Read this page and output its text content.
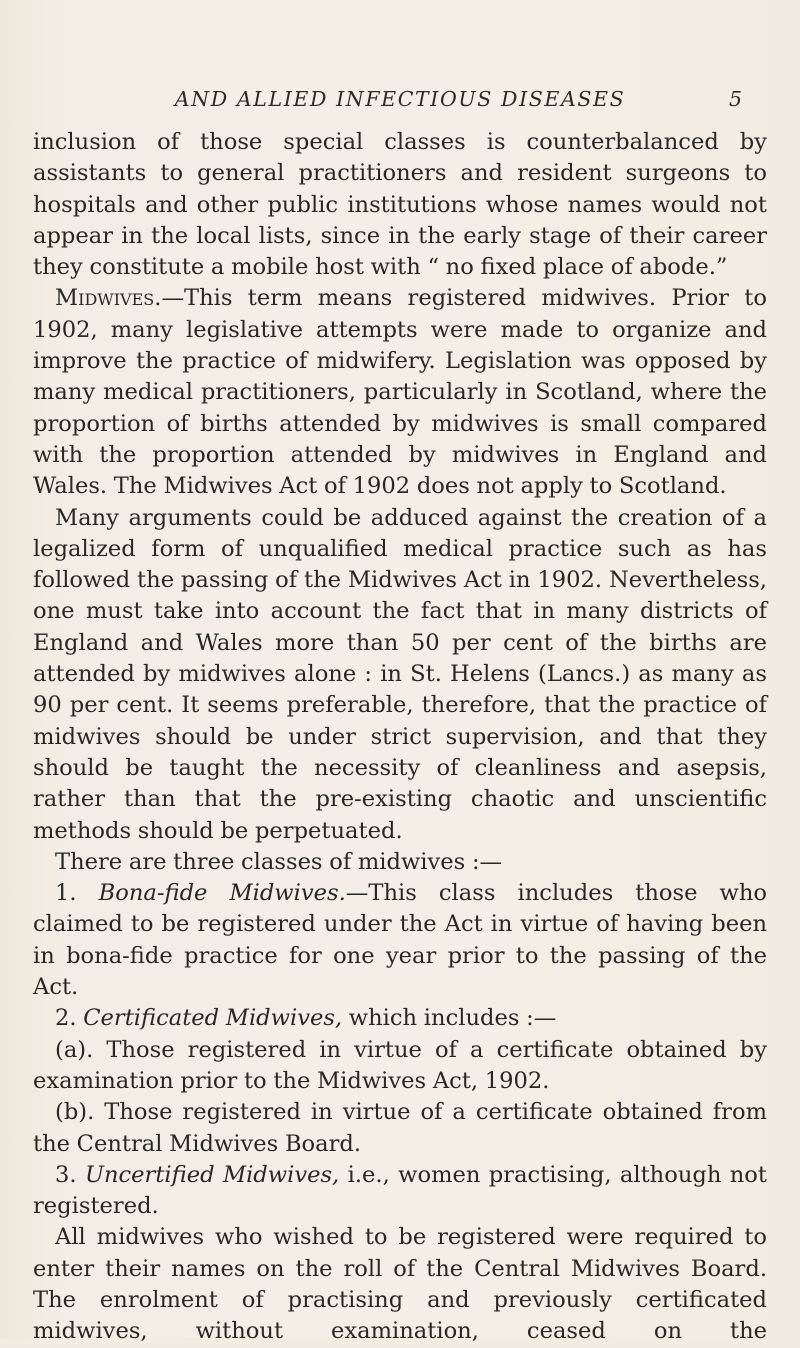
AND ALLIED INFECTIOUS DISEASES	5

inclusion of those special classes is counterbalanced by assistants to general practitioners and resident surgeons to hospitals and other public institutions whose names would not appear in the local lists, since in the early stage of their career they constitute a mobile host with “ no fixed place of abode.”

Midwives.—This term means registered midwives. Prior to 1902, many legislative attempts were made to organize and improve the practice of midwifery. Legislation was opposed by many medical practitioners, particularly in Scotland, where the proportion of births attended by midwives is small compared with the proportion attended by midwives in England and Wales. The Midwives Act of 1902 does not apply to Scotland.

Many arguments could be adduced against the creation of a legalized form of unqualified medical practice such as has followed the passing of the Midwives Act in 1902. Nevertheless, one must take into account the fact that in many districts of England and Wales more than 50 per cent of the births are attended by midwives alone : in St. Helens (Lancs.) as many as 90 per cent. It seems preferable, therefore, that the practice of midwives should be under strict supervision, and that they should be taught the necessity of cleanliness and asepsis, rather than that the pre-existing chaotic and unscientific methods should be perpetuated.

There are three classes of midwives :—

1. Bona-fide Midwives.—This class includes those who claimed to be registered under the Act in virtue of having been in bona-fide practice for one year prior to the passing of the Act.

2. Certificated Midwives, which includes :—

(a). Those registered in virtue of a certificate obtained by examination prior to the Midwives Act, 1902.

(b). Those registered in virtue of a certificate obtained from the Central Midwives Board.

3. Uncertified Midwives, i.e., women practising, although not registered.

All midwives who wished to be registered were required to enter their names on the roll of the Central Midwives Board. The enrolment of practising and previously certificated midwives, without examination, ceased on the
